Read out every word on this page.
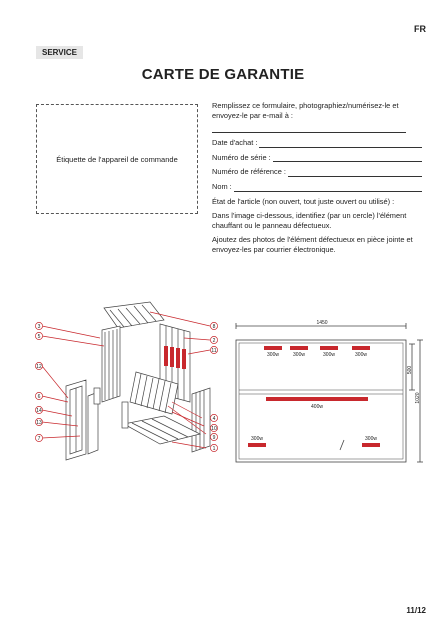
FR
SERVICE
CARTE DE GARANTIE
Étiquette de l'appareil de commande

Remplissez ce formulaire, photographiez/numérisez-le et envoyez-le par e-mail à :

Date d'achat :
Numéro de série :
Numéro de référence :
Nom :

État de l'article (non ouvert, tout juste ouvert ou utilisé) :

Dans l'image ci-dessous, identifiez (par un cercle) l'élément chauffant ou le panneau défectueux.

Ajoutez des photos de l'élément défectueux en pièce jointe et envoyez-les par courrier électronique.

3
5
12
6
14
13
7
8
2
11
4
10
9
1
1450
300w	300w	300w	300w
400w
300w	300w
500
1020
11/12
